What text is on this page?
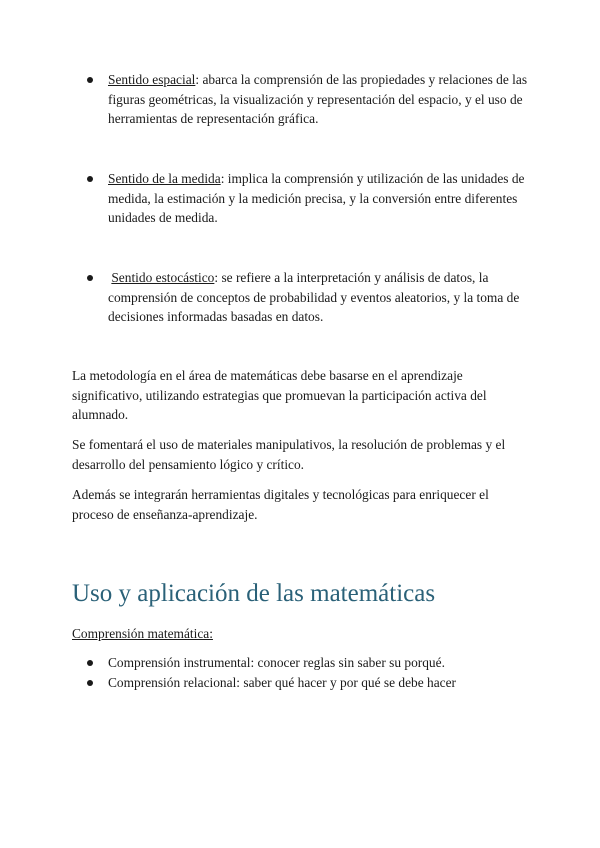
Sentido espacial: abarca la comprensión de las propiedades y relaciones de las figuras geométricas, la visualización y representación del espacio, y el uso de herramientas de representación gráfica.
Sentido de la medida: implica la comprensión y utilización de las unidades de medida, la estimación y la medición precisa, y la conversión entre diferentes unidades de medida.
Sentido estocástico: se refiere a la interpretación y análisis de datos, la comprensión de conceptos de probabilidad y eventos aleatorios, y la toma de decisiones informadas basadas en datos.
La metodología en el área de matemáticas debe basarse en el aprendizaje significativo, utilizando estrategias que promuevan la participación activa del alumnado.
Se fomentará el uso de materiales manipulativos, la resolución de problemas y el desarrollo del pensamiento lógico y crítico.
Además se integrarán herramientas digitales y tecnológicas para enriquecer el proceso de enseñanza-aprendizaje.
Uso y aplicación de las matemáticas
Comprensión matemática:
Comprensión instrumental: conocer reglas sin saber su porqué.
Comprensión relacional: saber qué hacer y por qué se debe hacer
